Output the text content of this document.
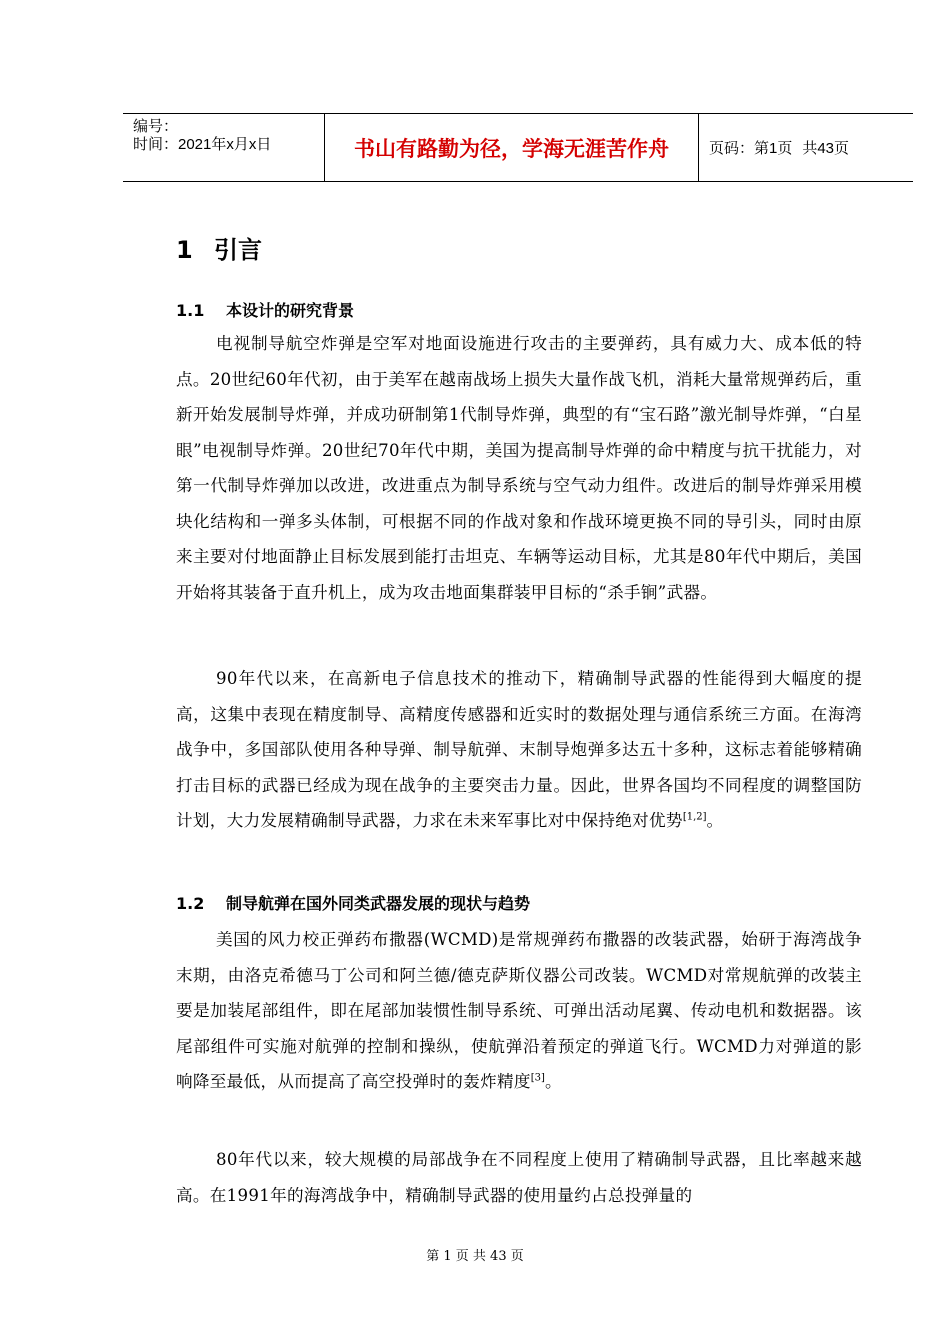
编号：
时间：2021年x月x日	书山有路勤为径，学海无涯苦作舟	页码：第1页 共43页
1 引言
1.1 本设计的研究背景

电视制导航空炸弹是空军对地面设施进行攻击的主要弹药，具有威力大、成本低的特点。20世纪60年代初，由于美军在越南战场上损失大量作战飞机，消耗大量常规弹药后，重新开始发展制导炸弹，并成功研制第1代制导炸弹，典型的有“宝石路”激光制导炸弹，“白星眼”电视制导炸弹。20世纪70年代中期，美国为提高制导炸弹的命中精度与抗干扰能力，对第一代制导炸弹加以改进，改进重点为制导系统与空气动力组件。改进后的制导炸弹采用模块化结构和一弹多头体制，可根据不同的作战对象和作战环境更换不同的导引头，同时由原来主要对付地面静止目标发展到能打击坦克、车辆等运动目标，尤其是80年代中期后，美国开始将其装备于直升机上，成为攻击地面集群装甲目标的“杀手锏”武器。

90年代以来，在高新电子信息技术的推动下，精确制导武器的性能得到大幅度的提高，这集中表现在精度制导、高精度传感器和近实时的数据处理与通信系统三方面。在海湾战争中，多国部队使用各种导弹、制导航弹、末制导炮弹多达五十多种，这标志着能够精确打击目标的武器已经成为现在战争的主要突击力量。因此，世界各国均不同程度的调整国防计划，大力发展精确制导武器，力求在未来军事比对中保持绝对优势[1,2]。

1.2 制导航弹在国外同类武器发展的现状与趋势

美国的风力校正弹药布撒器(WCMD)是常规弹药布撒器的改装武器，始研于海湾战争末期，由洛克希德马丁公司和阿兰德/德克萨斯仪器公司改装。WCMD对常规航弹的改装主要是加装尾部组件，即在尾部加装惯性制导系统、可弹出活动尾翼、传动电机和数据器。该尾部组件可实施对航弹的控制和操纵，使航弹沿着预定的弹道飞行。WCMD力对弹道的影响降至最低，从而提高了高空投弹时的轰炸精度[3]。

80年代以来，较大规模的局部战争在不同程度上使用了精确制导武器，且比率越来越高。在1991年的海湾战争中，精确制导武器的使用量约占总投弹量的

第 1 页 共 43 页
